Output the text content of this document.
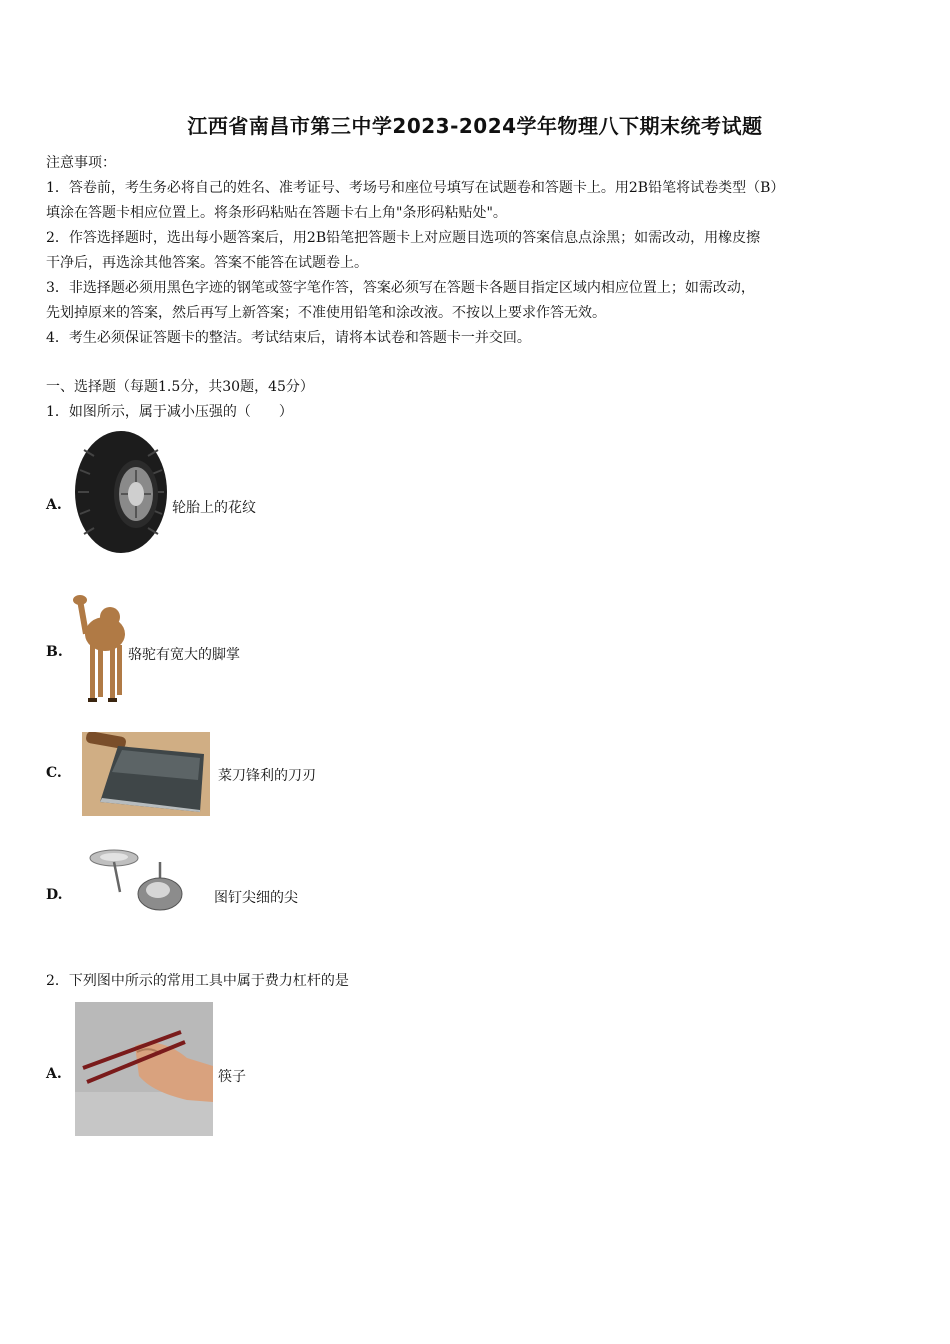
江西省南昌市第三中学2023-2024学年物理八下期末统考试题
注意事项：
1．答卷前，考生务必将自己的姓名、准考证号、考场号和座位号填写在试题卷和答题卡上。用2B铅笔将试卷类型（B）
填涂在答题卡相应位置上。将条形码粘贴在答题卡右上角"条形码粘贴处"。
2．作答选择题时，选出每小题答案后，用2B铅笔把答题卡上对应题目选项的答案信息点涂黑；如需改动，用橡皮擦
干净后，再选涂其他答案。答案不能答在试题卷上。
3．非选择题必须用黑色字迹的钢笔或签字笔作答，答案必须写在答题卡各题目指定区域内相应位置上；如需改动，
先划掉原来的答案，然后再写上新答案；不准使用铅笔和涂改液。不按以上要求作答无效。
4．考生必须保证答题卡的整洁。考试结束后，请将本试卷和答题卡一并交回。
一、选择题（每题1.5分，共30题，45分）
1．如图所示，属于减小压强的（　　）
A.	轮胎上的花纹
B.	骆驼有宽大的脚掌
C.	菜刀锋利的刀刃
D.	图钉尖细的尖
2．下列图中所示的常用工具中属于费力杠杆的是
A.	筷子
